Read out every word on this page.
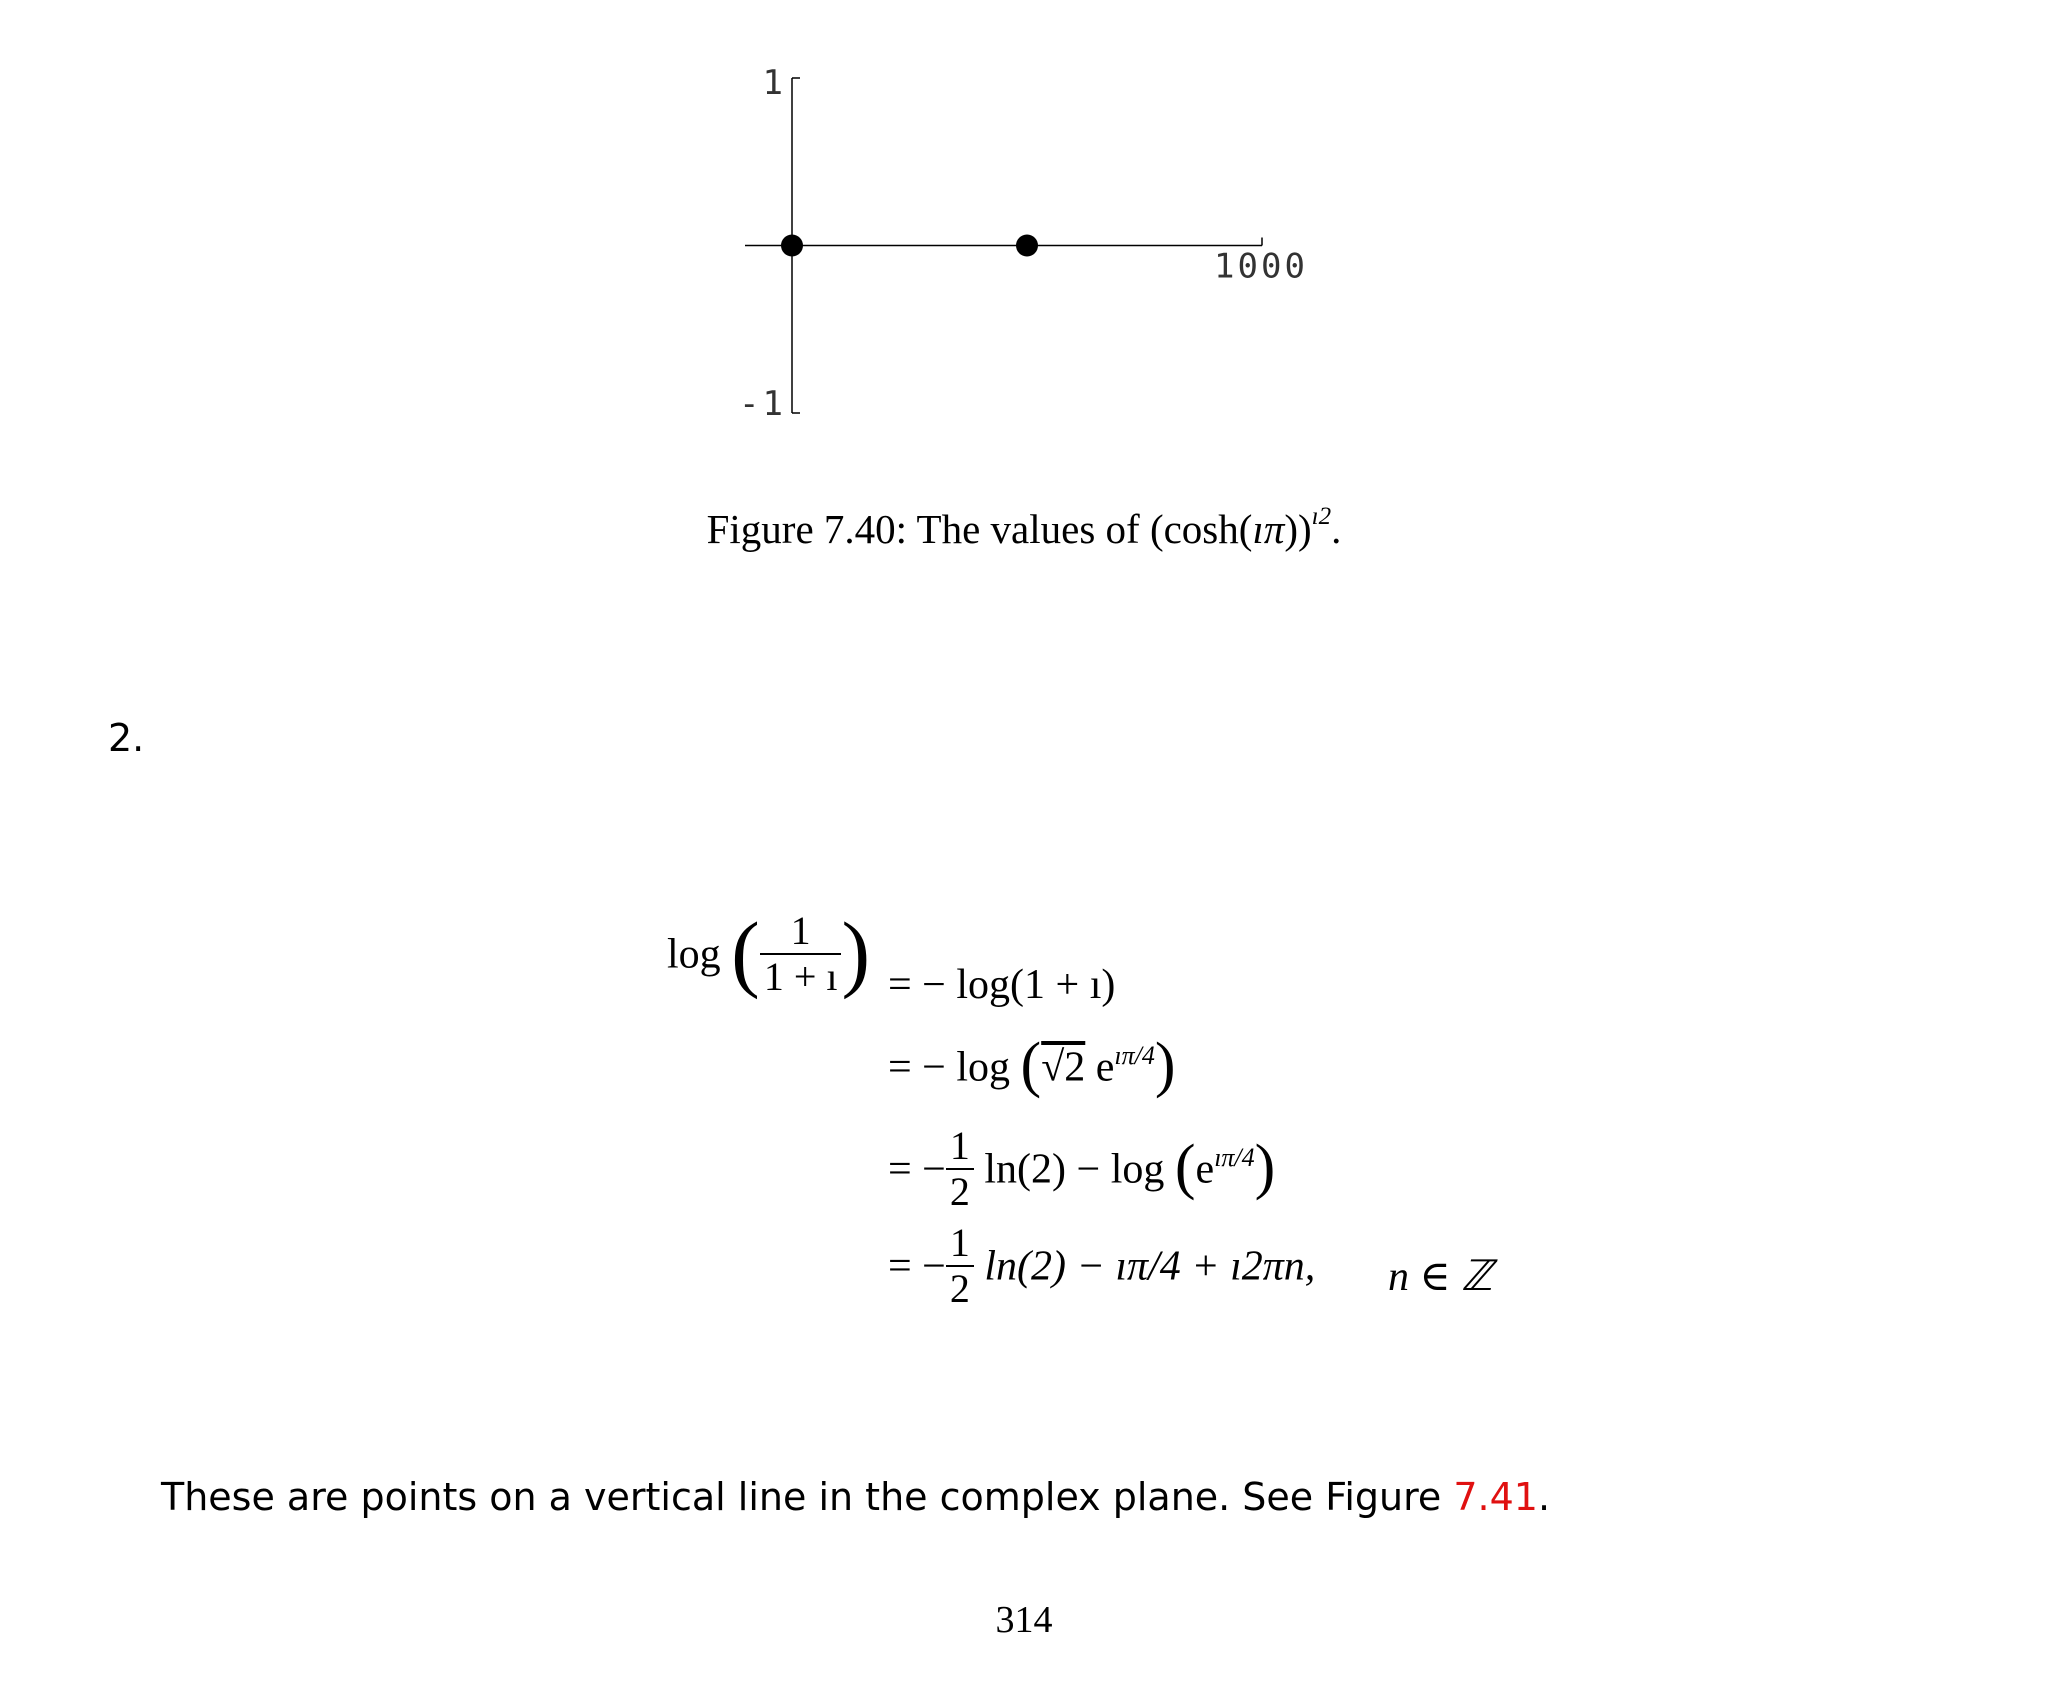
1
-1
1000
Figure 7.40: The values of (cosh(ıπ))$^{ı2}$.
2.
log ( $\frac{1}{1 + ı}$ ) = − log(1 + ı)
= − log (√2 $e^{ı\pi/4}$)
= − $\frac{1}{2} \ln(2) - \log (e^{ı\pi/4})$
= − $\frac{1}{2} \ln(2)$ − ıπ/4 + ı2πn, n ∈ ℤ
These are points on a vertical line in the complex plane. See Figure 7.41.
314
